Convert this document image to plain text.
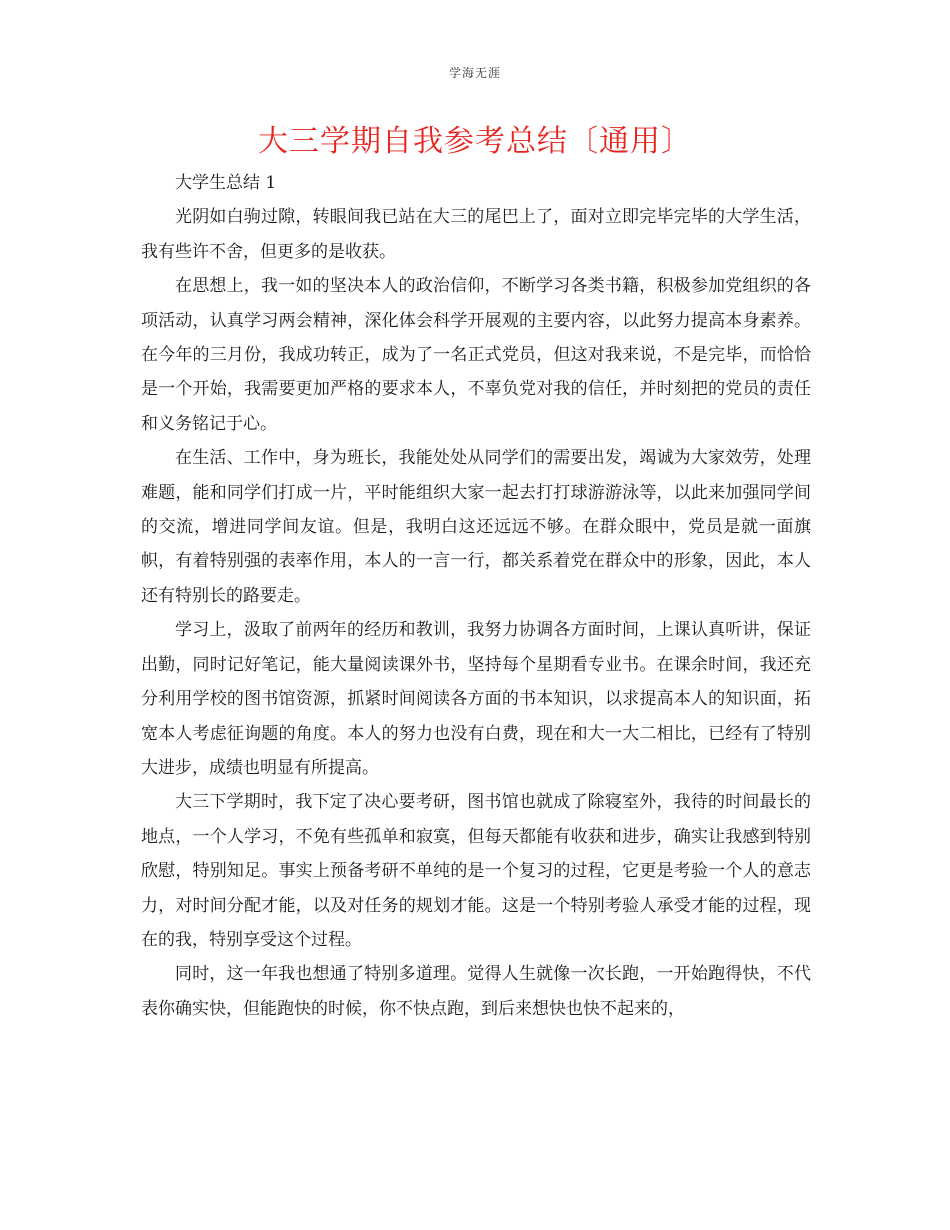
学海无涯
大三学期自我参考总结〔通用〕

大学生总结 1

光阴如白驹过隙，转眼间我已站在大三的尾巴上了，面对立即完毕完毕的大学生活，我有些许不舍，但更多的是收获。

在思想上，我一如的坚决本人的政治信仰，不断学习各类书籍，积极参加党组织的各项活动，认真学习两会精神，深化体会科学开展观的主要内容，以此努力提高本身素养。在今年的三月份，我成功转正，成为了一名正式党员，但这对我来说，不是完毕，而恰恰是一个开始，我需要更加严格的要求本人，不辜负党对我的信任，并时刻把的党员的责任和义务铭记于心。

在生活、工作中，身为班长，我能处处从同学们的需要出发，竭诚为大家效劳，处理难题，能和同学们打成一片，平时能组织大家一起去打打球游游泳等，以此来加强同学间的交流，增进同学间友谊。但是，我明白这还远远不够。在群众眼中，党员是就一面旗帜，有着特别强的表率作用，本人的一言一行，都关系着党在群众中的形象，因此，本人还有特别长的路要走。

学习上，汲取了前两年的经历和教训，我努力协调各方面时间，上课认真听讲，保证出勤，同时记好笔记，能大量阅读课外书，坚持每个星期看专业书。在课余时间，我还充分利用学校的图书馆资源，抓紧时间阅读各方面的书本知识，以求提高本人的知识面，拓宽本人考虑征询题的角度。本人的努力也没有白费，现在和大一大二相比，已经有了特别大进步，成绩也明显有所提高。

大三下学期时，我下定了决心要考研，图书馆也就成了除寝室外，我待的时间最长的地点，一个人学习，不免有些孤单和寂寞，但每天都能有收获和进步，确实让我感到特别欣慰，特别知足。事实上预备考研不单纯的是一个复习的过程，它更是考验一个人的意志力，对时间分配才能，以及对任务的规划才能。这是一个特别考验人承受才能的过程，现在的我，特别享受这个过程。

同时，这一年我也想通了特别多道理。觉得人生就像一次长跑，一开始跑得快，不代表你确实快，但能跑快的时候，你不快点跑，到后来想快也快不起来的，
